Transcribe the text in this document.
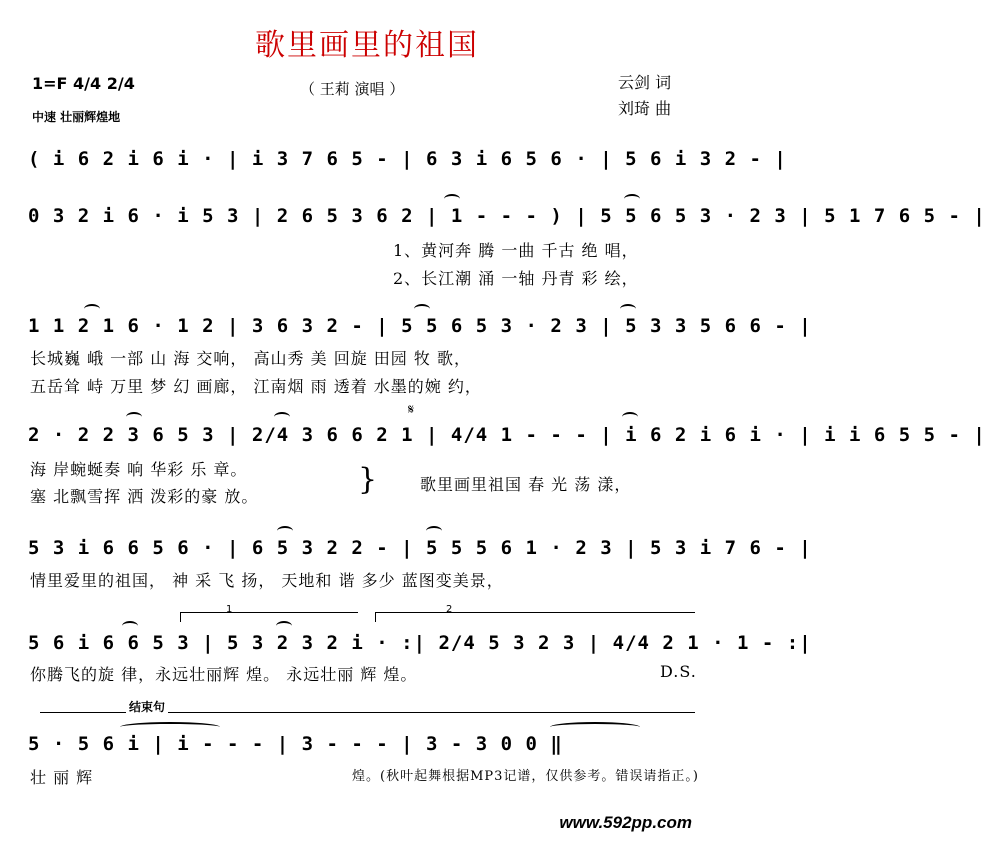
歌里画里的祖国
（ 王莉 演唱 ）
1=F 4/4 2/4
中速 壮丽辉煌地
云剑 词
刘琦 曲
( i 6 2 i 6 i · | i 3 7 6 5 - | 6 3 i 6 5 6 · | 5 6 i 3 2 - |
0 3 2 i 6 · i 5 3 | 2 6 5 3 6 2 | 1 - - - ) | 5 5 6 5 3 · 2 3 | 5 1 7 6 5 - |
1、黄河奔 腾 一曲 千古 绝 唱，
2、长江潮 涌 一轴 丹青 彩 绘，
1 1 2 1 6 · 1 2 | 3 6 3 2 - | 5 5 6 5 3 · 2 3 | 5 3 3 5 6 6 - |
长城巍 峨 一部 山 海 交响， 高山秀 美 回旋 田园 牧 歌，
五岳耸 峙 万里 梦 幻 画廊， 江南烟 雨 透着 水墨的婉 约，
2 · 2 2 3 6 5 3 | 2/4 3 6 6 2 1 | 4/4 1 - - - | i 6 2 i 6 i · | i i 6 5 5 - |
𝄋
海 岸蜿蜒奏 响 华彩 乐 章。
塞 北飘雪挥 洒 泼彩的豪 放。	}	歌里画里祖国 春 光 荡 漾，
5 3 i 6 6 5 6 · | 6 5 3 2 2 - | 5 5 5 6 1 · 2 3 | 5 3 i 7 6 - |
情里爱里的祖国， 神 采 飞 扬， 天地和 谐 多少 蓝图变美景，
1	2
5 6 i 6 6 5 3 | 5 3 2 3 2 i · :| 2/4 5 3 2 3 | 4/4 2 1 · 1 - :|
你腾飞的旋 律，永远壮丽辉 煌。 永远壮丽 辉 煌。	D.S.
结束句
5 · 5 6 i | i - - - | 3 - - - | 3 - 3 0 0 ‖
壮 丽 辉	煌。(秋叶起舞根据MP3记谱，仅供参考。错误请指正。)
www.592pp.com
